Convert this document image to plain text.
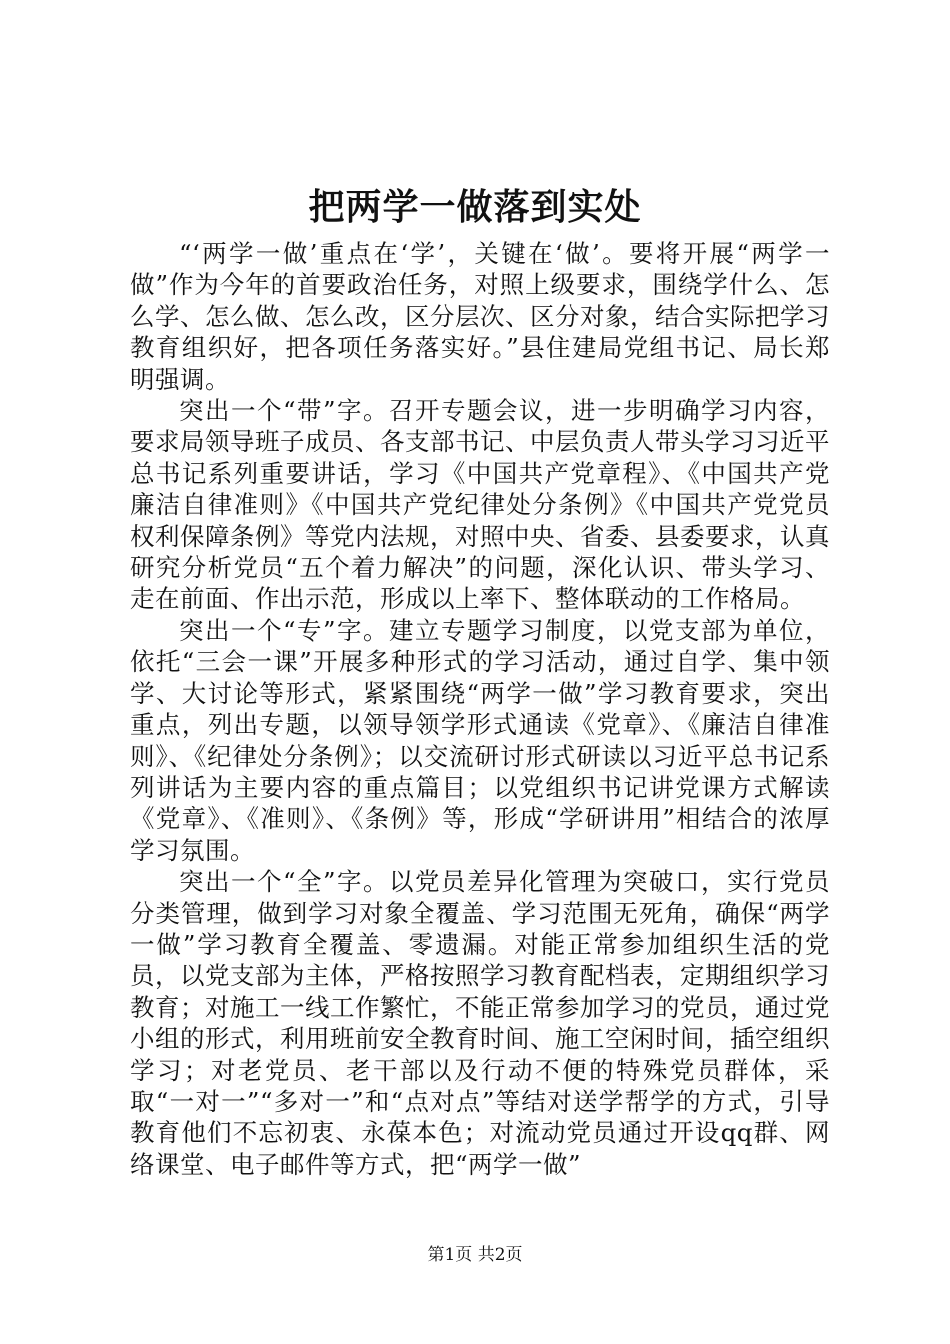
把两学一做落到实处

“‘两学一做’重点在‘学’，关键在‘做’。要将开展“两学一做”作为今年的首要政治任务，对照上级要求，围绕学什么、怎么学、怎么做、怎么改，区分层次、区分对象，结合实际把学习教育组织好，把各项任务落实好。”县住建局党组书记、局长郑明强调。

突出一个“带”字。召开专题会议，进一步明确学习内容，要求局领导班子成员、各支部书记、中层负责人带头学习习近平总书记系列重要讲话，学习《中国共产党章程》、《中国共产党廉洁自律准则》《中国共产党纪律处分条例》《中国共产党党员权利保障条例》等党内法规，对照中央、省委、县委要求，认真研究分析党员“五个着力解决”的问题，深化认识、带头学习、走在前面、作出示范，形成以上率下、整体联动的工作格局。

突出一个“专”字。建立专题学习制度，以党支部为单位，依托“三会一课”开展多种形式的学习活动，通过自学、集中领学、大讨论等形式，紧紧围绕“两学一做”学习教育要求，突出重点，列出专题，以领导领学形式通读《党章》、《廉洁自律准则》、《纪律处分条例》；以交流研讨形式研读以习近平总书记系列讲话为主要内容的重点篇目；以党组织书记讲党课方式解读《党章》、《准则》、《条例》等，形成“学研讲用”相结合的浓厚学习氛围。

突出一个“全”字。以党员差异化管理为突破口，实行党员分类管理，做到学习对象全覆盖、学习范围无死角，确保“两学一做”学习教育全覆盖、零遗漏。对能正常参加组织生活的党员，以党支部为主体，严格按照学习教育配档表，定期组织学习教育；对施工一线工作繁忙，不能正常参加学习的党员，通过党小组的形式，利用班前安全教育时间、施工空闲时间，插空组织学习；对老党员、老干部以及行动不便的特殊党员群体，采取“一对一”“多对一”和“点对点”等结对送学帮学的方式，引导教育他们不忘初衷、永葆本色；对流动党员通过开设qq群、网络课堂、电子邮件等方式，把“两学一做”

第1页 共2页
